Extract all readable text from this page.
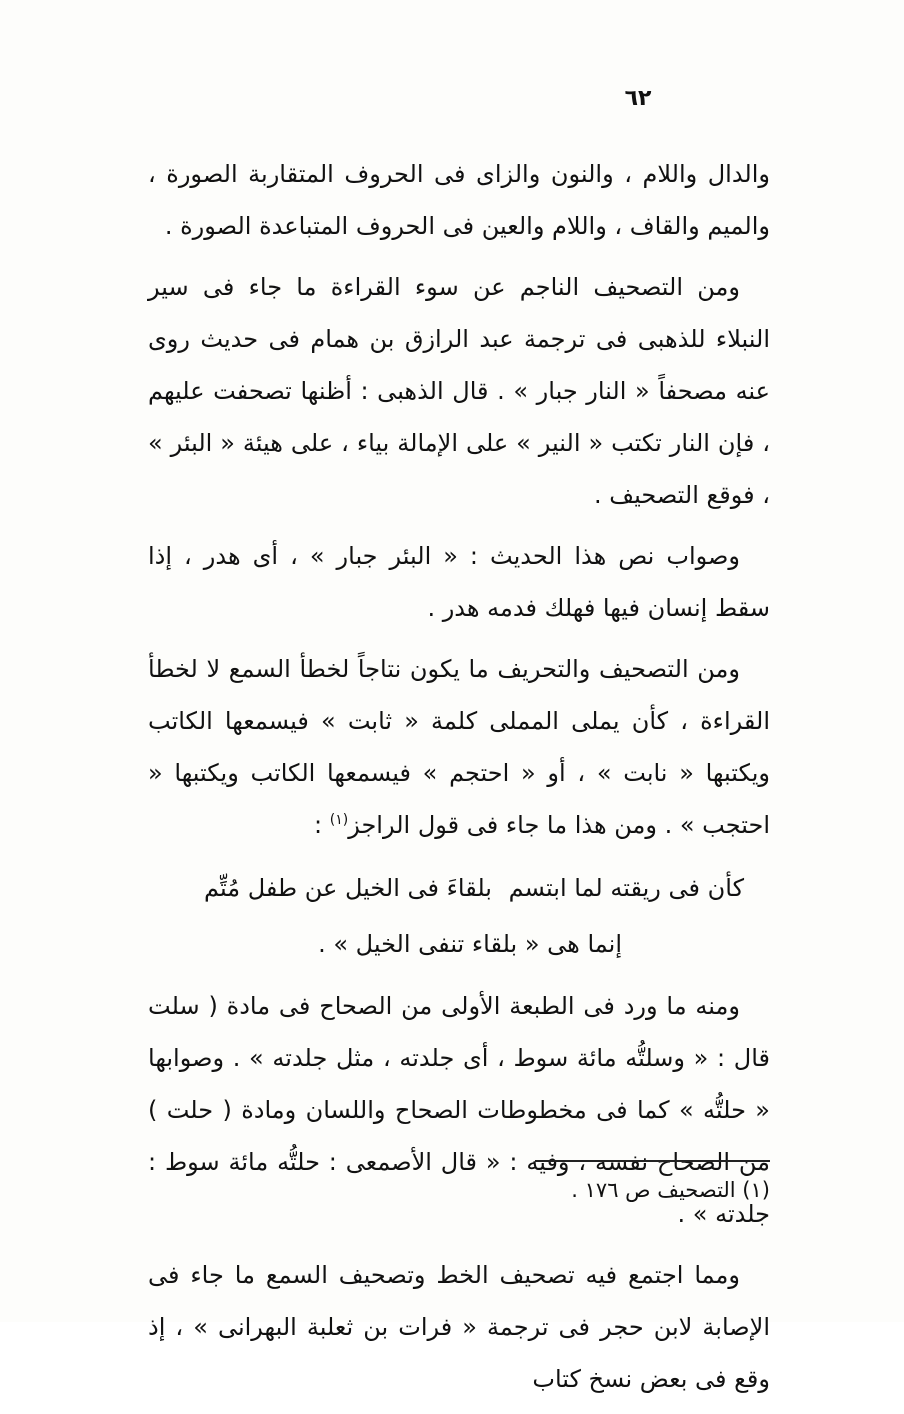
٦٢

والدال واللام ، والنون والزاى فى الحروف المتقاربة الصورة ، والميم والقاف ، واللام والعين فى الحروف المتباعدة الصورة .

ومن التصحيف الناجم عن سوء القراءة ما جاء فى سير النبلاء للذهبى فى ترجمة عبد الرازق بن همام فى حديث روى عنه مصحفاً « النار جبار » . قال الذهبى : أظنها تصحفت عليهم ، فإن النار تكتب « النير » على الإمالة بياء ، على هيئة « البئر » ، فوقع التصحيف .

وصواب نص هذا الحديث : « البئر جبار » ، أى هدر ، إذا سقط إنسان فيها فهلك فدمه هدر .

ومن التصحيف والتحريف ما يكون نتاجاً لخطأ السمع لا لخطأ القراءة ، كأن يملى المملى كلمة « ثابت » فيسمعها الكاتب ويكتبها « نابت » ، أو « احتجم » فيسمعها الكاتب ويكتبها « احتجب » . ومن هذا ما جاء فى قول الراجز$^{(١)}$ :

كأن فى ريقته لما ابتسم
بلقاءَ فى الخيل عن طفل مُتِّم
إنما هى « بلقاء تنفى الخيل » .

ومنه ما ورد فى الطبعة الأولى من الصحاح فى مادة ( سلت قال : « وسلتُّه مائة سوط ، أى جلدته ، مثل جلدته » . وصوابها « حلتُّه » كما فى مخطوطات الصحاح واللسان ومادة ( حلت ) من الصحاح نفسه ، وفيه : « قال الأصمعى : حلتُّه مائة سوط : جلدته » .

ومما اجتمع فيه تصحيف الخط وتصحيف السمع ما جاء فى الإصابة لابن حجر فى ترجمة « فرات بن ثعلبة البهرانى » ، إذ وقع فى بعض نسخ كتاب

(١) التصحيف ص ١٧٦ .
